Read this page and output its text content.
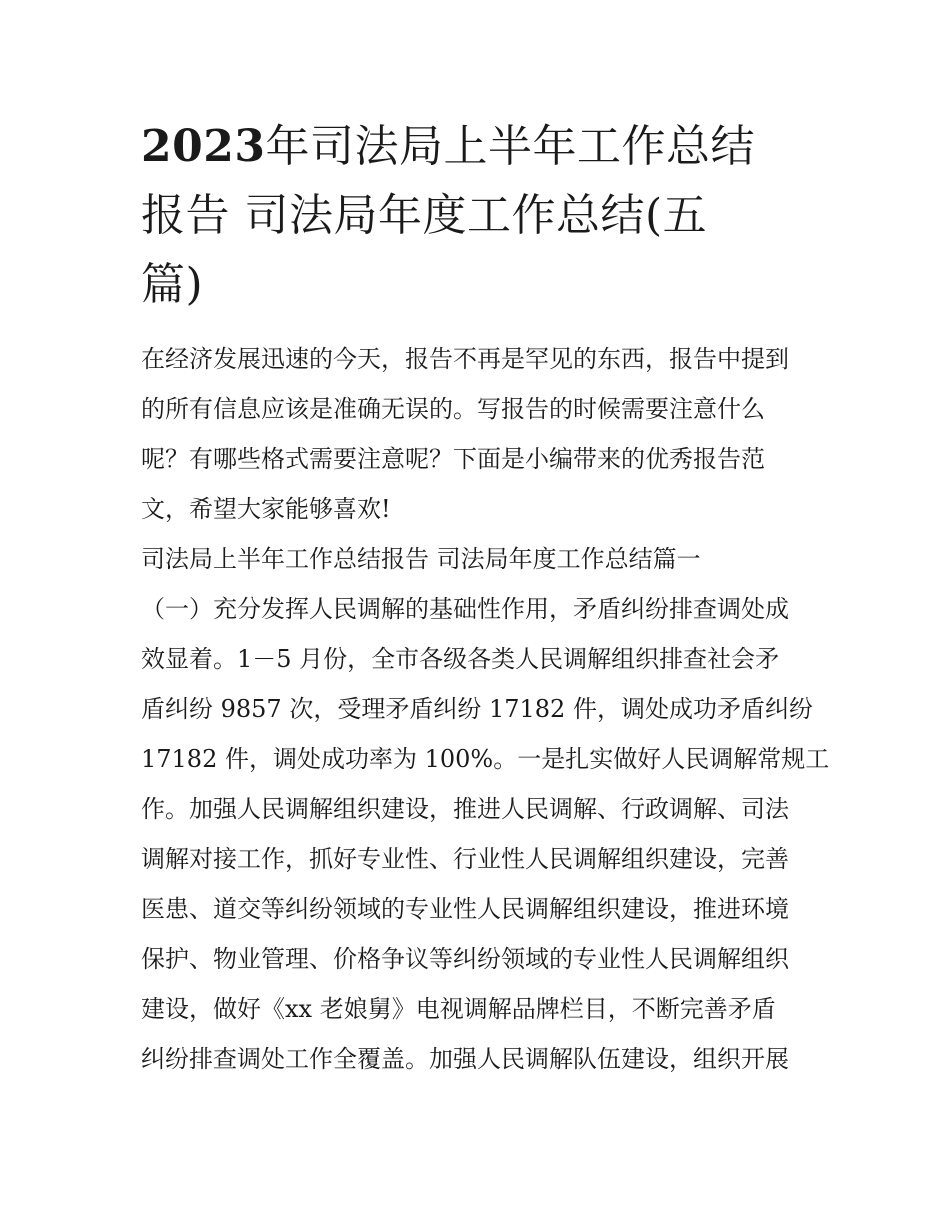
2023年司法局上半年工作总结
报告 司法局年度工作总结(五
篇)
在经济发展迅速的今天，报告不再是罕见的东西，报告中提到
的所有信息应该是准确无误的。写报告的时候需要注意什么
呢？有哪些格式需要注意呢？下面是小编带来的优秀报告范
文，希望大家能够喜欢!
司法局上半年工作总结报告 司法局年度工作总结篇一
（一）充分发挥人民调解的基础性作用，矛盾纠纷排查调处成
效显着。1－5 月份，全市各级各类人民调解组织排查社会矛
盾纠纷 9857 次，受理矛盾纠纷 17182 件，调处成功矛盾纠纷
17182 件，调处成功率为 100%。一是扎实做好人民调解常规工
作。加强人民调解组织建设，推进人民调解、行政调解、司法
调解对接工作，抓好专业性、行业性人民调解组织建设，完善
医患、道交等纠纷领域的专业性人民调解组织建设，推进环境
保护、物业管理、价格争议等纠纷领域的专业性人民调解组织
建设，做好《xx 老娘舅》电视调解品牌栏目，不断完善矛盾
纠纷排查调处工作全覆盖。加强人民调解队伍建设，组织开展
